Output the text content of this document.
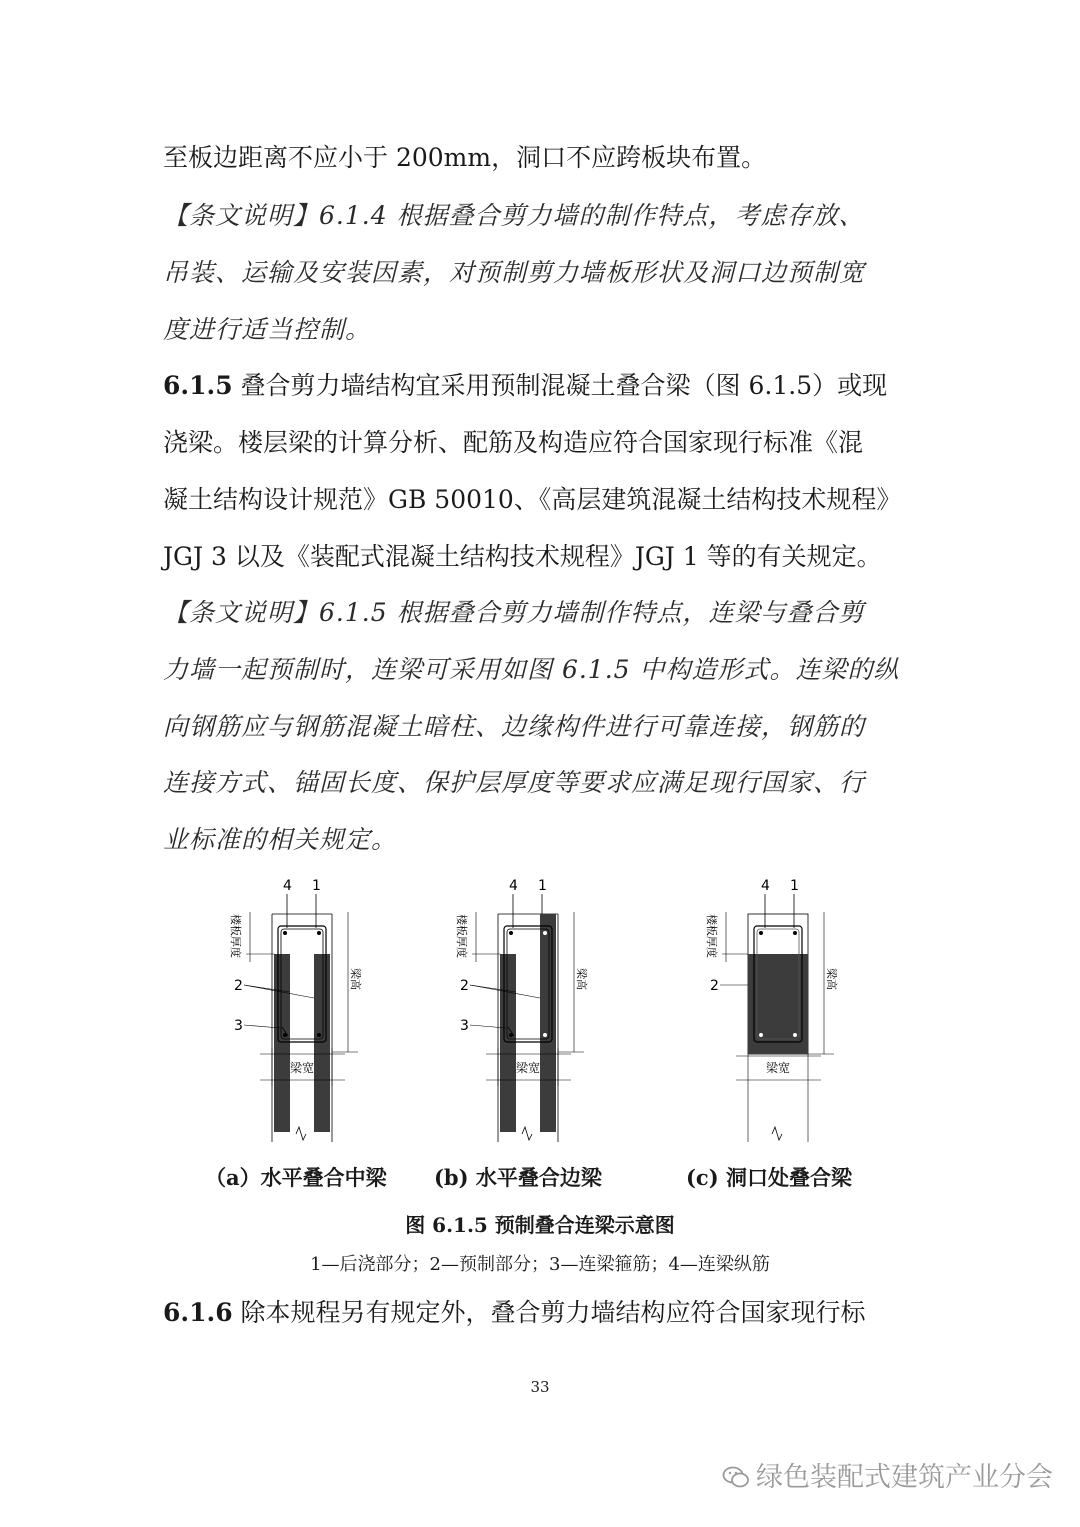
至板边距离不应小于 200mm，洞口不应跨板块布置。
【条文说明】6.1.4 根据叠合剪力墙的制作特点，考虑存放、
吊装、运输及安装因素，对预制剪力墙板形状及洞口边预制宽
度进行适当控制。
6.1.5 叠合剪力墙结构宜采用预制混凝土叠合梁（图 6.1.5）或现
浇梁。楼层梁的计算分析、配筋及构造应符合国家现行标准《混
凝土结构设计规范》GB 50010、《高层建筑混凝土结构技术规程》
JGJ 3 以及《装配式混凝土结构技术规程》JGJ 1 等的有关规定。
【条文说明】6.1.5 根据叠合剪力墙制作特点，连梁与叠合剪
力墙一起预制时，连梁可采用如图 6.1.5 中构造形式。连梁的纵
向钢筋应与钢筋混凝土暗柱、边缘构件进行可靠连接，钢筋的
连接方式、锚固长度、保护层厚度等要求应满足现行国家、行
业标准的相关规定。
4 1
楼板厚度
梁高
2
3
梁宽
4 1
楼板厚度
梁高
2
3
梁宽
4 1
楼板厚度
梁高
2
梁宽
（a）水平叠合中梁 (b) 水平叠合边梁	(c) 洞口处叠合梁
图 6.1.5 预制叠合连梁示意图
1—后浇部分；2—预制部分；3—连梁箍筋；4—连梁纵筋
6.1.6 除本规程另有规定外，叠合剪力墙结构应符合国家现行标
33
绿色装配式建筑产业分会
